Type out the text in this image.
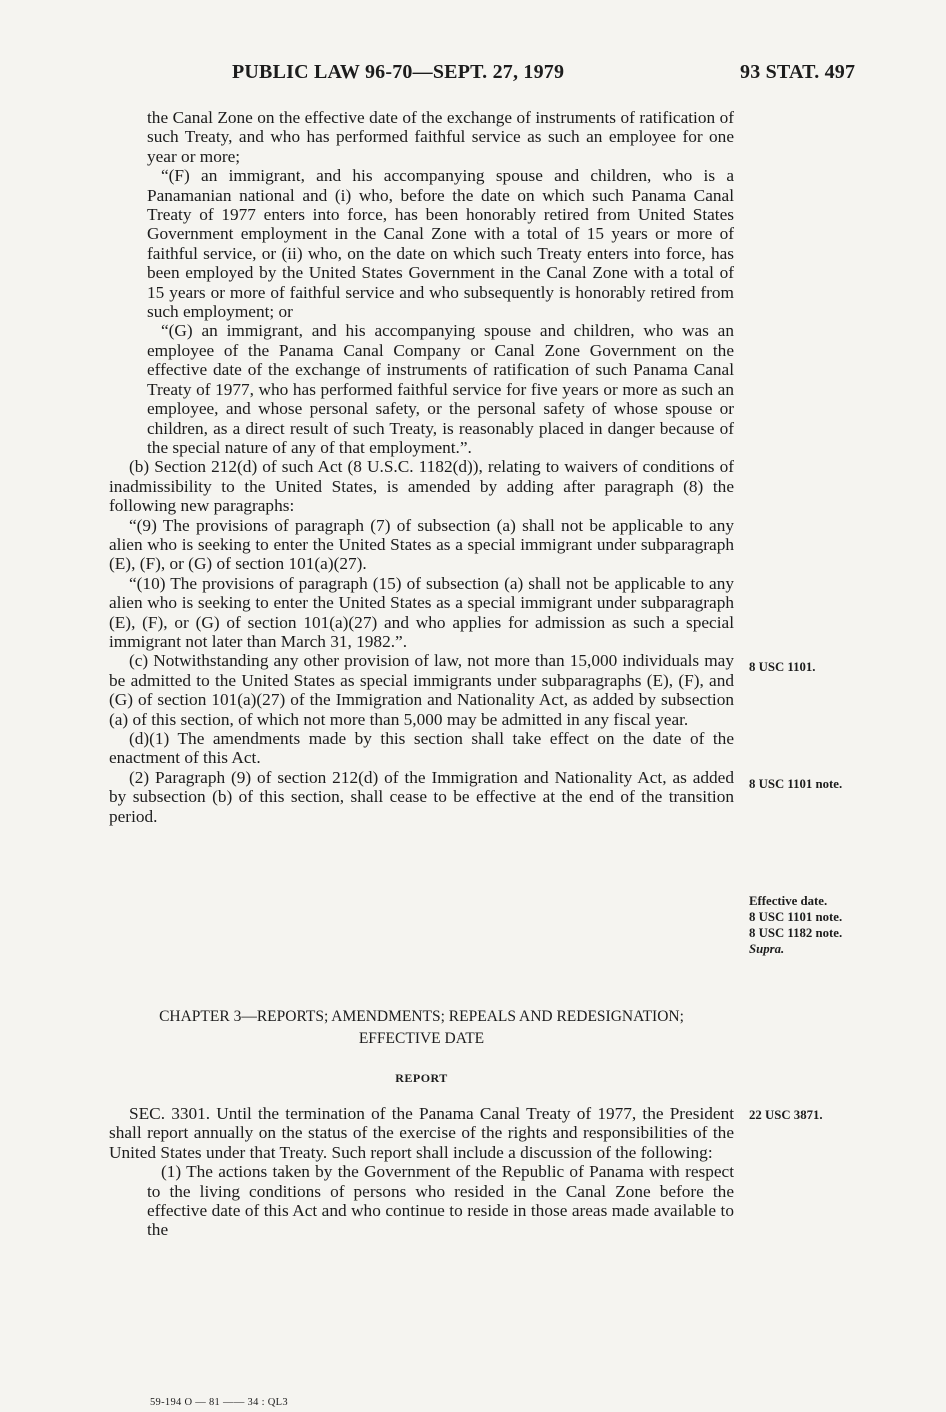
PUBLIC LAW 96-70—SEPT. 27, 1979	93 STAT. 497

the Canal Zone on the effective date of the exchange of instruments of ratification of such Treaty, and who has performed faithful service as such an employee for one year or more;

“(F) an immigrant, and his accompanying spouse and children, who is a Panamanian national and (i) who, before the date on which such Panama Canal Treaty of 1977 enters into force, has been honorably retired from United States Government employment in the Canal Zone with a total of 15 years or more of faithful service, or (ii) who, on the date on which such Treaty enters into force, has been employed by the United States Government in the Canal Zone with a total of 15 years or more of faithful service and who subsequently is honorably retired from such employment; or

“(G) an immigrant, and his accompanying spouse and children, who was an employee of the Panama Canal Company or Canal Zone Government on the effective date of the exchange of instruments of ratification of such Panama Canal Treaty of 1977, who has performed faithful service for five years or more as such an employee, and whose personal safety, or the personal safety of whose spouse or children, as a direct result of such Treaty, is reasonably placed in danger because of the special nature of any of that employment.”.

(b) Section 212(d) of such Act (8 U.S.C. 1182(d)), relating to waivers of conditions of inadmissibility to the United States, is amended by adding after paragraph (8) the following new paragraphs:

“(9) The provisions of paragraph (7) of subsection (a) shall not be applicable to any alien who is seeking to enter the United States as a special immigrant under subparagraph (E), (F), or (G) of section 101(a)(27).

“(10) The provisions of paragraph (15) of subsection (a) shall not be applicable to any alien who is seeking to enter the United States as a special immigrant under subparagraph (E), (F), or (G) of section 101(a)(27) and who applies for admission as such a special immigrant not later than March 31, 1982.”.

(c) Notwithstanding any other provision of law, not more than 15,000 individuals may be admitted to the United States as special immigrants under subparagraphs (E), (F), and (G) of section 101(a)(27) of the Immigration and Nationality Act, as added by subsection (a) of this section, of which not more than 5,000 may be admitted in any fiscal year.

(d)(1) The amendments made by this section shall take effect on the date of the enactment of this Act.

(2) Paragraph (9) of section 212(d) of the Immigration and Nationality Act, as added by subsection (b) of this section, shall cease to be effective at the end of the transition period.

8 USC 1101.
8 USC 1101 note.
Effective date.
8 USC 1101 note.
8 USC 1182 note.
Supra.
CHAPTER 3—REPORTS; AMENDMENTS; REPEALS AND REDESIGNATION;
EFFECTIVE DATE
REPORT

SEC. 3301. Until the termination of the Panama Canal Treaty of 1977, the President shall report annually on the status of the exercise of the rights and responsibilities of the United States under that Treaty. Such report shall include a discussion of the following:

(1) The actions taken by the Government of the Republic of Panama with respect to the living conditions of persons who resided in the Canal Zone before the effective date of this Act and who continue to reside in those areas made available to the

22 USC 3871.
59-194 O — 81 —— 34 : QL3
